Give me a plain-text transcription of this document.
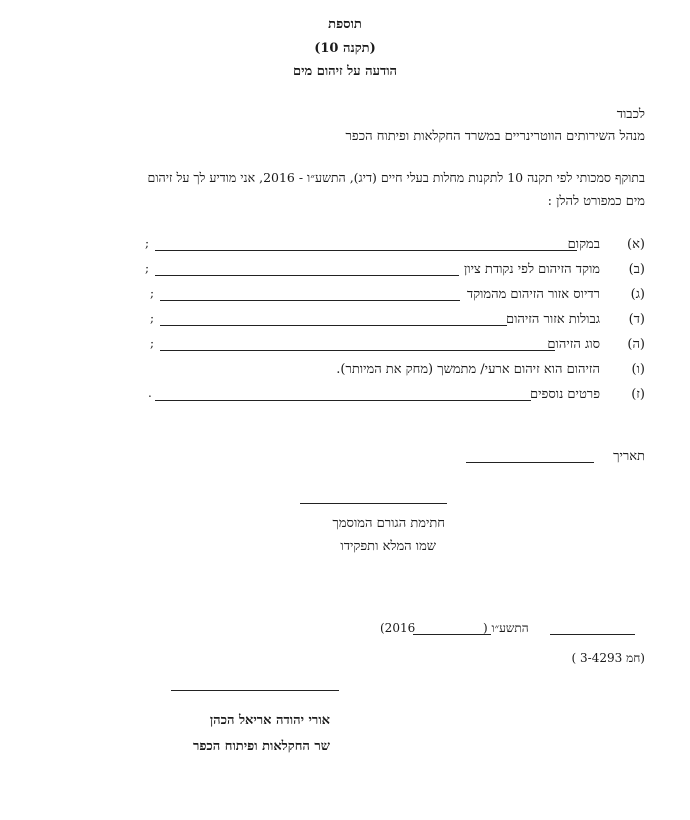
תוספת
(תקנה 10)
הודעה על זיהום מים
לכבוד
מנהל השירותים הווטרינריים במשרד החקלאות ופיתוח הכפר
בתוקף סמכותי לפי תקנה 10 לתקנות מחלות בעלי חיים (דיג), התשע״ו - 2016, אני מודיע לך על זיהום
מים כמפורט להלן :
(א)
במקום
;
(ב)
מוקד הזיהום לפי נקודת ציון
;
(ג)
רדיוס אזור הזיהום מהמוקד
;
(ד)
גבולות אזור הזיהום
;
(ה)
סוג הזיהום
;
(ו)
הזיהום הוא זיהום ארעי/ מתמשך (מחק את המיותר).
(ז)
פרטים נוספים
.
תאריך
חתימת הגורם המוסמך
שמו המלא ותפקידו
התשע״ו (
(2016
(חמ 3-4293 )
אורי יהודה אריאל הכהן
שר החקלאות ופיתוח הכפר
